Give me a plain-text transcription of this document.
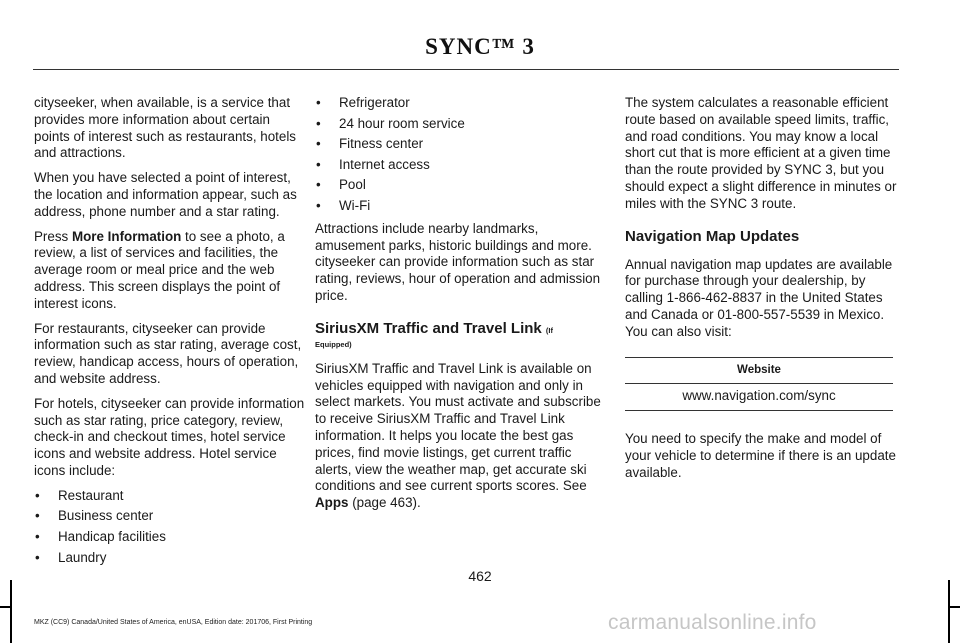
SYNC™ 3

cityseeker, when available, is a service that provides more information about certain points of interest such as restaurants, hotels and attractions.

When you have selected a point of interest, the location and information appear, such as address, phone number and a star rating.

Press More Information to see a photo, a review, a list of services and facilities, the average room or meal price and the web address. This screen displays the point of interest icons.

For restaurants, cityseeker can provide information such as star rating, average cost, review, handicap access, hours of operation, and website address.

For hotels, cityseeker can provide information such as star rating, price category, review, check-in and checkout times, hotel service icons and website address. Hotel service icons include:

• Restaurant
• Business center
• Handicap facilities
• Laundry
• Refrigerator
• 24 hour room service
• Fitness center
• Internet access
• Pool
• Wi-Fi

Attractions include nearby landmarks, amusement parks, historic buildings and more. cityseeker can provide information such as star rating, reviews, hour of operation and admission price.

SiriusXM Traffic and Travel Link (If
Equipped)

SiriusXM Traffic and Travel Link is available on vehicles equipped with navigation and only in select markets. You must activate and subscribe to receive SiriusXM Traffic and Travel Link information. It helps you locate the best gas prices, find movie listings, get current traffic alerts, view the weather map, get accurate ski conditions and see current sports scores. See Apps (page 463).

The system calculates a reasonable efficient route based on available speed limits, traffic, and road conditions. You may know a local short cut that is more efficient at a given time than the route provided by SYNC 3, but you should expect a slight difference in minutes or miles with the SYNC 3 route.

Navigation Map Updates

Annual navigation map updates are available for purchase through your dealership, by calling 1-866-462-8837 in the United States and Canada or 01-800-557-5539 in Mexico. You can also visit:

Website
www.navigation.com/sync

You need to specify the make and model of your vehicle to determine if there is an update available.

462
MKZ (CC9) Canada/United States of America, enUSA, Edition date: 201706, First Printing	carmanualsonline.info
